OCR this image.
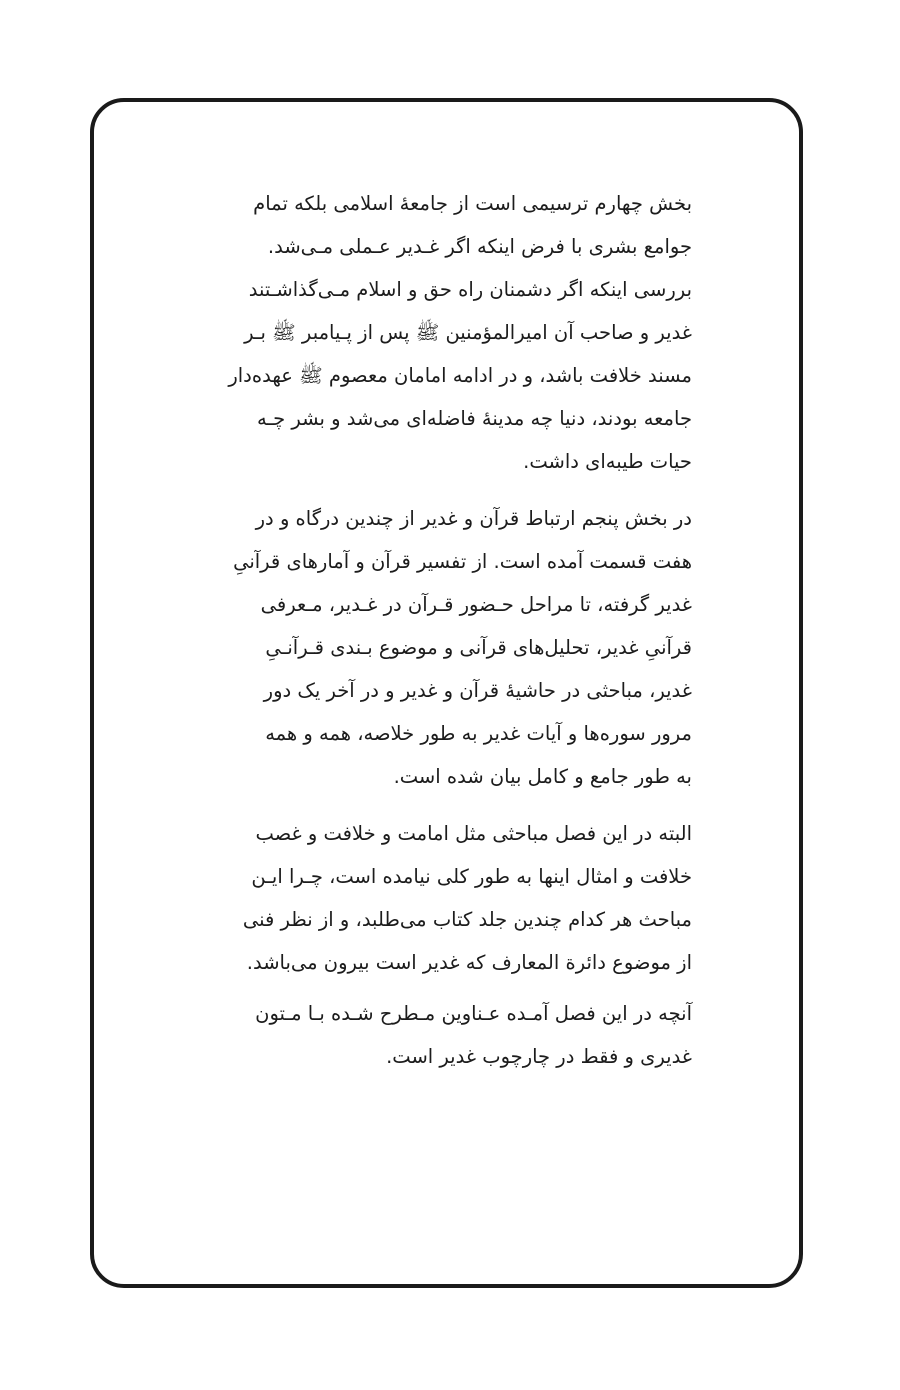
بخش چهارم ترسیمی است از جامعۀ اسلامی بلکه تمام
جوامع بشری با فرض اینکه اگر غـدیر عـملی مـی‌شد.
بررسی اینکه اگر دشمنان راه حق و اسلام مـی‌گذاشـتند
غدیر و صاحب آن امیرالمؤمنین ﷺ پس از پـیامبر ﷺ بـر
مسند خلافت باشد، و در ادامه امامان معصوم ﷺ عهده‌دار
جامعه بودند، دنیا چه مدینۀ فاضله‌ای می‌شد و بشر چـه
حیات طیبه‌ای داشت.

در بخش پنجم ارتباط قرآن و غدیر از چندین درگاه و در
هفت قسمت آمده است. از تفسیر قرآن و آمارهای قرآنیِ
غدیر گرفته، تا مراحل حـضور قـرآن در غـدیر، مـعرفی
قرآنیِ غدیر، تحلیل‌های قرآنی و موضوع بـندی قـرآنـیِ
غدیر، مباحثی در حاشیۀ قرآن و غدیر و در آخر یک دور
مرور سوره‌ها و آیات غدیر به طور خلاصه، همه و همه
به طور جامع و کامل بیان شده است.

البته در این فصل مباحثی مثل امامت و خلافت و غصب
خلافت و امثال اینها به طور کلی نیامده است، چـرا ایـن
مباحث هر کدام چندین جلد کتاب می‌طلبد، و از نظر فنی
از موضوع دائرة المعارف که غدیر است بیرون می‌باشد.

آنچه در این فصل آمـده عـناوین مـطرح شـده بـا مـتون
غدیری و فقط در چارچوب غدیر است.
